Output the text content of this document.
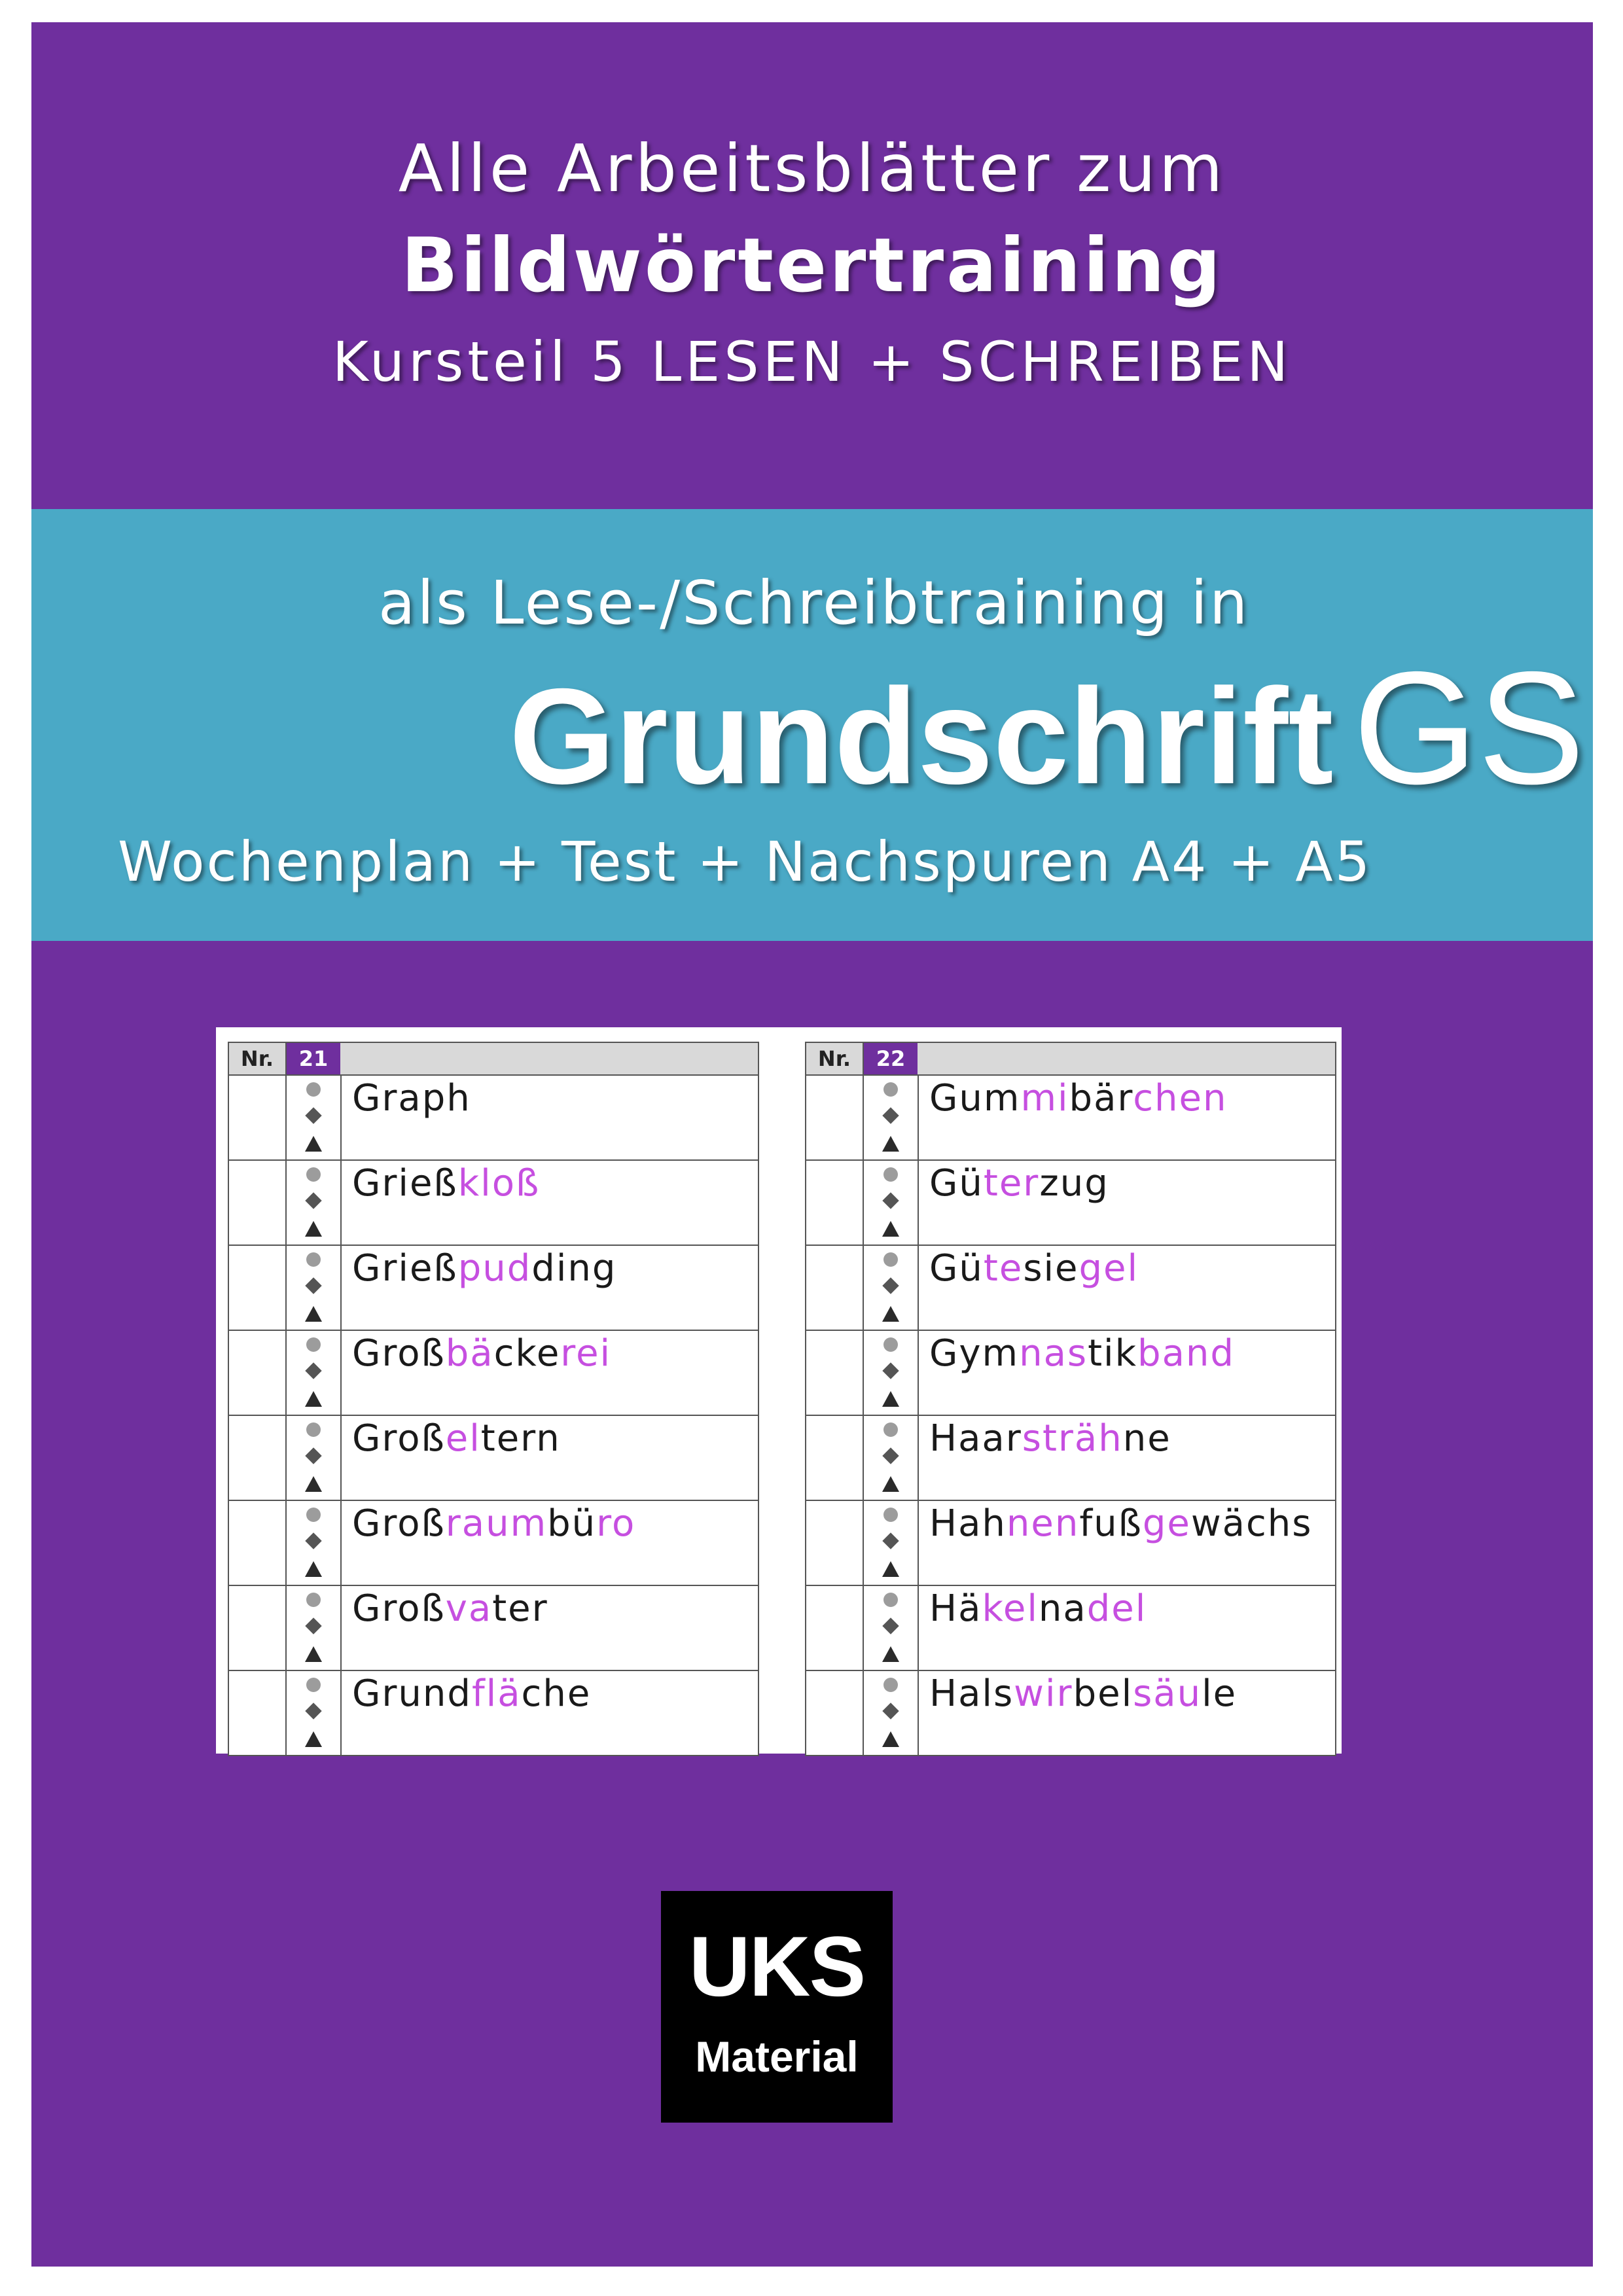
Alle Arbeitsblätter zum
Bildwörtertraining
Kursteil 5 LESEN + SCHREIBEN
als Lese-/Schreibtraining in
Grundschrift GS
Wochenplan + Test + Nachspuren A4 + A5
Nr.	21
Graph
Grießkloß
Grießpudding
Großbäckerei
Großeltern
Großraumbüro
Großvater
Grundfläche
Nr.	22
Gummibärchen
Güterzug
Gütesiegel
Gymnastikband
Haarsträhne
Hahnenfußgewächs
Häkelnadel
Halswirbelsäule
UKS
Material
